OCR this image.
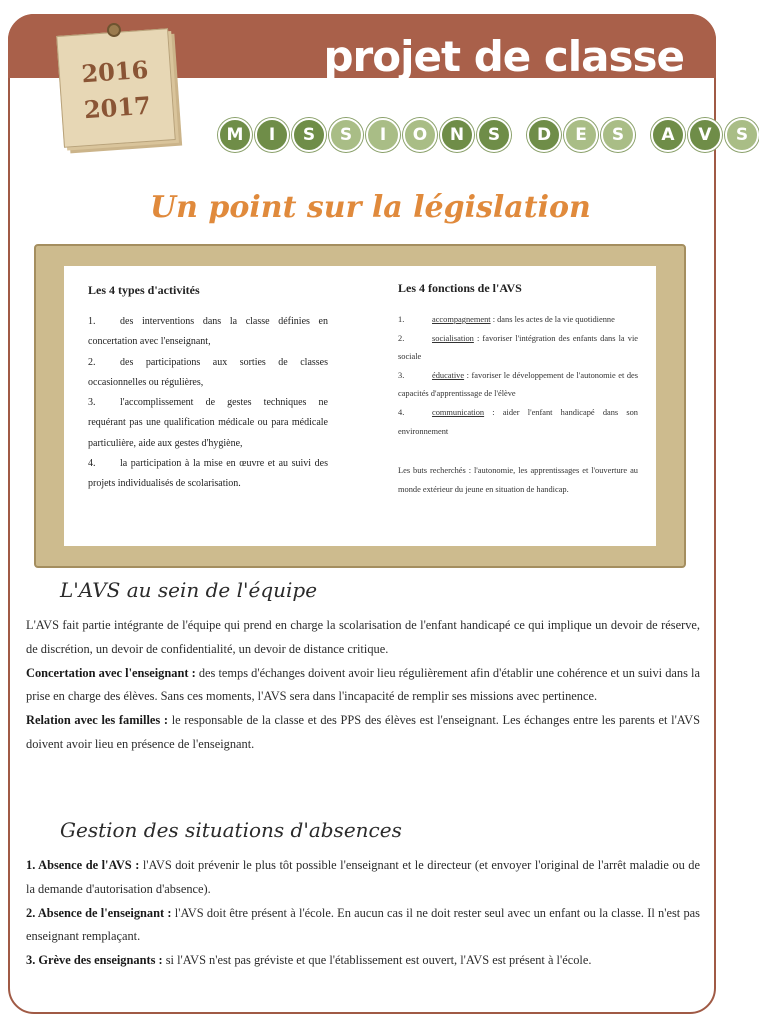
projet de classe
2016
2017
M	I	S	S	I	O	N	S	D	E	S	A	V	S
Un point sur la législation
Les 4 types d'activités
1. des interventions dans la classe définies en concertation avec l'enseignant,
2. des participations aux sorties de classes occasionnelles ou régulières,
3. l'accomplissement de gestes techniques ne requérant pas une qualification médicale ou para médicale particulière, aide aux gestes d'hygiène,
4. la participation à la mise en œuvre et au suivi des projets individualisés de scolarisation.
Les 4 fonctions de l'AVS
1.	accompagnement : dans les actes de la vie quotidienne
2.	socialisation : favoriser l'intégration des enfants dans la vie sociale
3.	éducative : favoriser le développement de l'autonomie et des capacités d'apprentissage de l'élève
4.	communication : aider l'enfant handicapé dans son environnement
Les buts recherchés : l'autonomie, les apprentissages et l'ouverture au monde extérieur du jeune en situation de handicap.
L'AVS au sein de l'équipe
L'AVS fait partie intégrante de l'équipe qui prend en charge la scolarisation de l'enfant handicapé ce qui implique un devoir de réserve, de discrétion, un devoir de confidentialité, un devoir de distance critique.
Concertation avec l'enseignant : des temps d'échanges doivent avoir lieu régulièrement afin d'établir une cohérence et un suivi dans la prise en charge des élèves. Sans ces moments, l'AVS sera dans l'incapacité de remplir ses missions avec pertinence.
Relation avec les familles : le responsable de la classe et des PPS des élèves est l'enseignant. Les échanges entre les parents et l'AVS doivent avoir lieu en présence de l'enseignant.
Gestion des situations d'absences
1. Absence de l'AVS : l'AVS doit prévenir le plus tôt possible l'enseignant et le directeur (et envoyer l'original de l'arrêt maladie ou de la demande d'autorisation d'absence).
2. Absence de l'enseignant : l'AVS doit être présent à l'école. En aucun cas il ne doit rester seul avec un enfant ou la classe. Il n'est pas enseignant remplaçant.
3. Grève des enseignants : si l'AVS n'est pas gréviste et que l'établissement est ouvert, l'AVS est présent à l'école.
